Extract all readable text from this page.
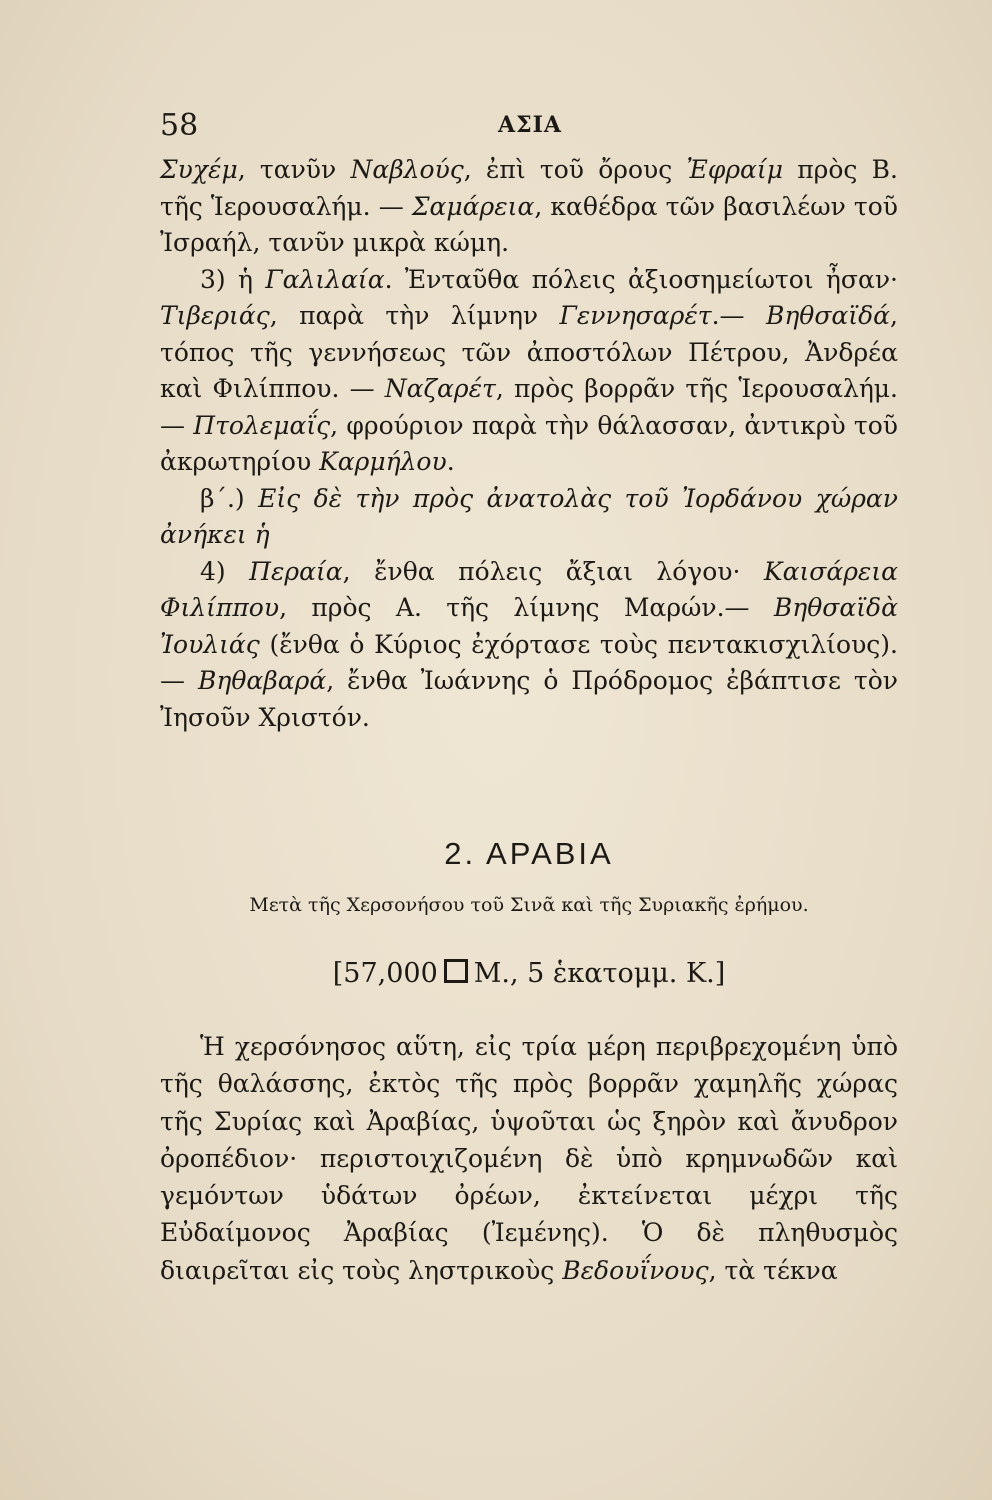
58	ΑΣΙΑ

Συχέμ, τανῦν Ναβλούς, ἐπὶ τοῦ ὄρους Ἐφραίμ πρὸς Β. τῆς Ἱερουσαλήμ. — Σαμάρεια, καθέδρα τῶν βασιλέων τοῦ Ἰσραήλ, τανῦν μικρὰ κώμη.

3) ἡ Γαλιλαία. Ἐνταῦθα πόλεις ἀξιοσημείωτοι ἦσαν· Τιβεριάς, παρὰ τὴν λίμνην Γεννησαρέτ.— Βηθσαϊδά, τόπος τῆς γεννήσεως τῶν ἀποστόλων Πέτρου, Ἀνδρέα καὶ Φιλίππου. — Ναζαρέτ, πρὸς βορρᾶν τῆς Ἱερουσαλήμ.— Πτολεμαΐς, φρούριον παρὰ τὴν θάλασσαν, ἀντικρὺ τοῦ ἀκρωτηρίου Καρμήλου.

β΄.) Εἰς δὲ τὴν πρὸς ἀνατολὰς τοῦ Ἰορδάνου χώραν ἀνήκει ἡ

4) Περαία, ἔνθα πόλεις ἄξιαι λόγου· Καισάρεια Φιλίππου, πρὸς Α. τῆς λίμνης Μαρών.— Βηθσαϊδὰ Ἰουλιάς (ἔνθα ὁ Κύριος ἐχόρτασε τοὺς πεντακισχιλίους).— Βηθαβαρά, ἔνθα Ἰωάννης ὁ Πρόδρομος ἐβάπτισε τὸν Ἰησοῦν Χριστόν.

2. ΑΡΑΒΙΑ
Μετὰ τῆς Χερσονήσου τοῦ Σινᾶ καὶ τῆς Συριακῆς ἐρήμου.
[57,000 Μ., 5 ἑκατομμ. Κ.]

Ἡ χερσόνησος αὕτη, εἰς τρία μέρη περιβρεχομένη ὑπὸ τῆς θαλάσσης, ἐκτὸς τῆς πρὸς βορρᾶν χαμηλῆς χώρας τῆς Συρίας καὶ Ἀραβίας, ὑψοῦται ὡς ξηρὸν καὶ ἄνυδρον ὀροπέδιον· περιστοιχιζομένη δὲ ὑπὸ κρημνωδῶν καὶ γεμόντων ὑδάτων ὀρέων, ἐκτείνεται μέχρι τῆς Εὐδαίμονος Ἀραβίας (Ἰεμένης). Ὁ δὲ πληθυσμὸς διαιρεῖται εἰς τοὺς ληστρικοὺς Βεδουΐνους, τὰ τέκνα
